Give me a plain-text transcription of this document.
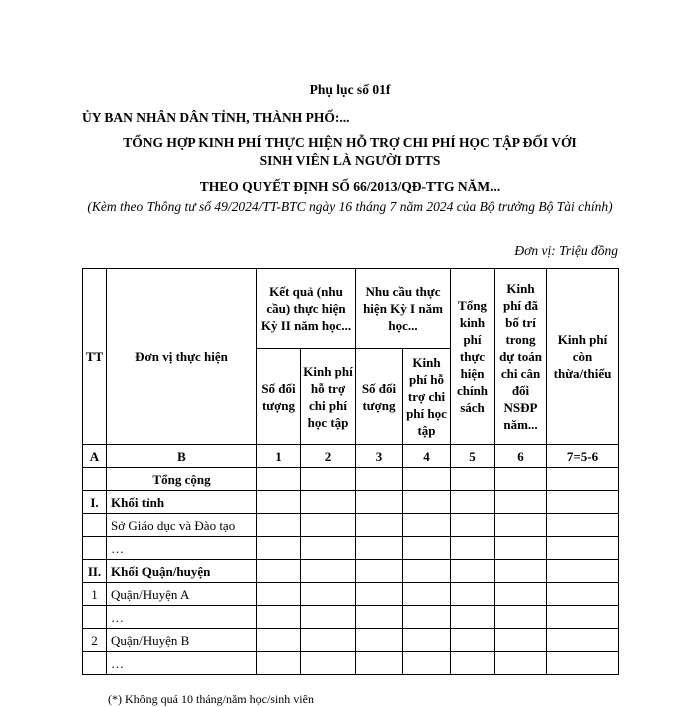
Phụ lục số 01f
ỦY BAN NHÂN DÂN TỈNH, THÀNH PHỐ:...
TỔNG HỢP KINH PHÍ THỰC HIỆN HỖ TRỢ CHI PHÍ HỌC TẬP ĐỐI VỚI
SINH VIÊN LÀ NGƯỜI DTTS
THEO QUYẾT ĐỊNH SỐ 66/2013/QĐ-TTG NĂM...
(Kèm theo Thông tư số 49/2024/TT-BTC ngày 16 tháng 7 năm 2024 của Bộ trưởng Bộ Tài chính)
Đơn vị: Triệu đồng
TT	Đơn vị thực hiện	Kết quả (nhu cầu) thực hiện Kỳ II năm học...		Nhu cầu thực hiện Kỳ I năm học...		Tổng kinh phí thực hiện chính sách	Kinh phí đã bố trí trong dự toán chi cân đối NSĐP năm...	Kinh phí còn thừa/thiếu
		Số đối tượng	Kinh phí hỗ trợ chi phí học tập	Số đối tượng	Kinh phí hỗ trợ chi phí học tập			
A	B	1	2	3	4	5	6	7=5-6
	Tổng cộng							
I.	Khối tỉnh							
	Sở Giáo dục và Đào tạo							
	…							
II.	Khối Quận/huyện							
1	Quận/Huyện A							
	…							
2	Quận/Huyện B							
	…							
(*) Không quá 10 tháng/năm học/sinh viên
